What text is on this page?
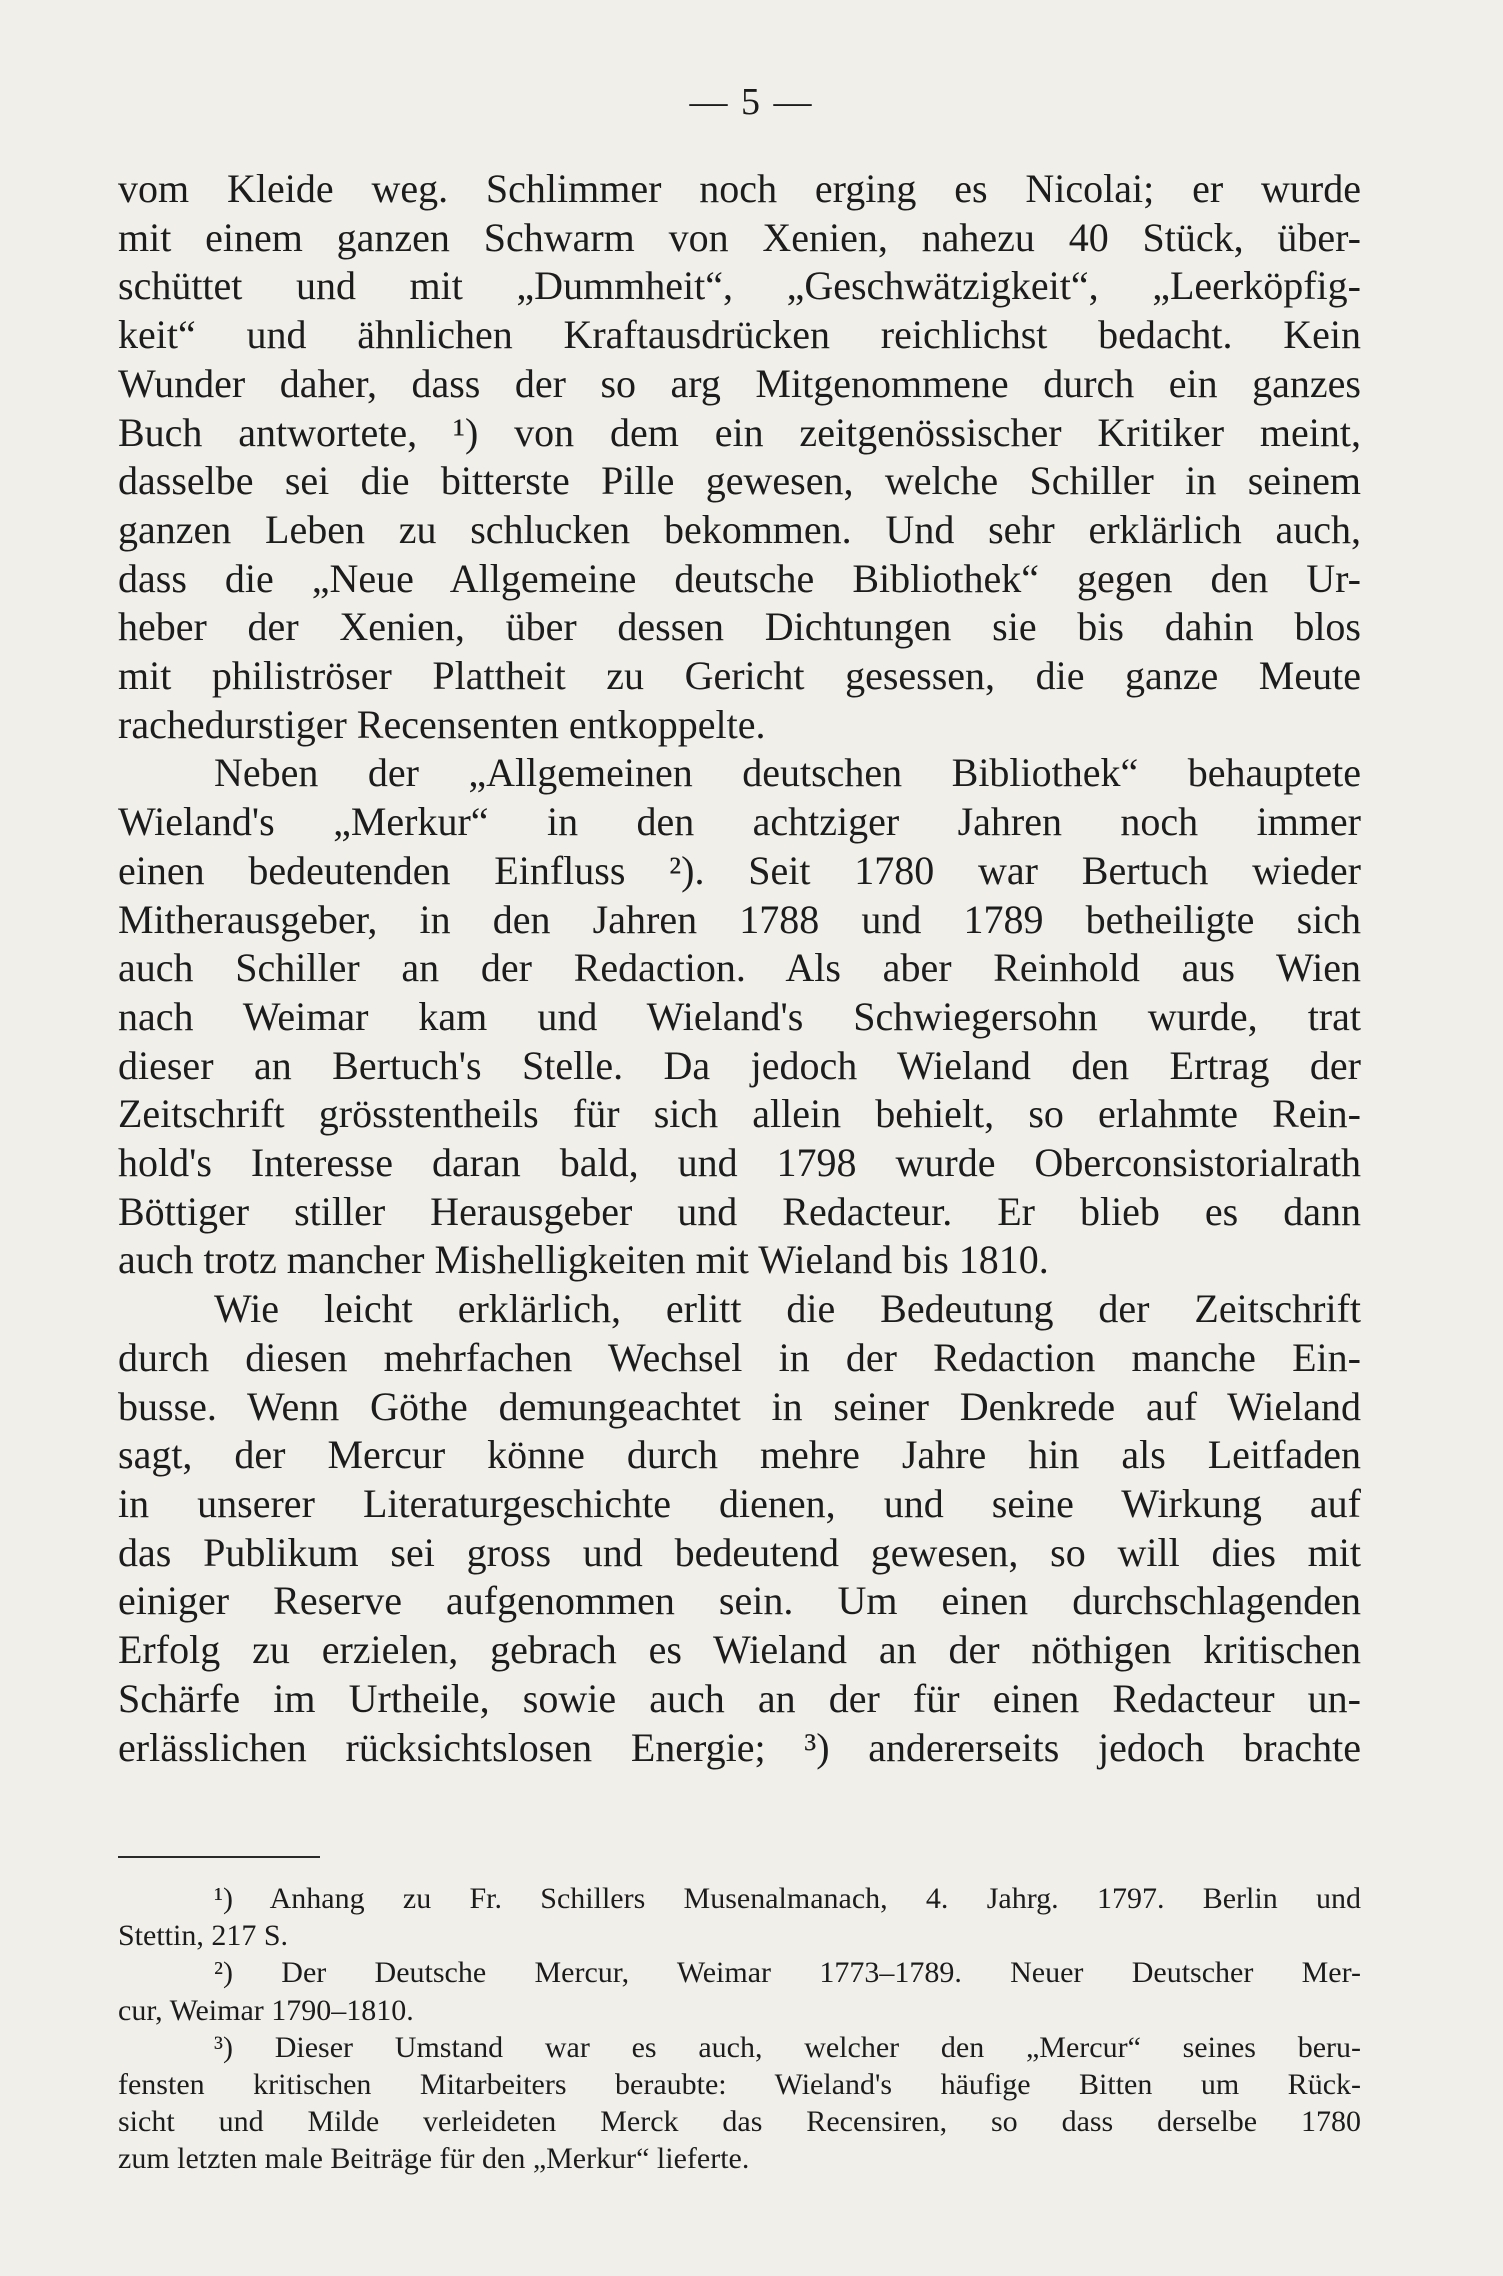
— 5 —

vom Kleide weg. Schlimmer noch erging es Nicolai; er wurde

mit einem ganzen Schwarm von Xenien, nahezu 40 Stück, über-

schüttet und mit „Dummheit“, „Geschwätzigkeit“, „Leerköpfig-

keit“ und ähnlichen Kraftausdrücken reichlichst bedacht. Kein

Wunder daher, dass der so arg Mitgenommene durch ein ganzes

Buch antwortete, ¹) von dem ein zeitgenössischer Kritiker meint,

dasselbe sei die bitterste Pille gewesen, welche Schiller in seinem

ganzen Leben zu schlucken bekommen. Und sehr erklärlich auch,

dass die „Neue Allgemeine deutsche Bibliothek“ gegen den Ur-

heber der Xenien, über dessen Dichtungen sie bis dahin blos

mit philiströser Plattheit zu Gericht gesessen, die ganze Meute

rachedurstiger Recensenten entkoppelte.

Neben der „Allgemeinen deutschen Bibliothek“ behauptete

Wieland's „Merkur“ in den achtziger Jahren noch immer

einen bedeutenden Einfluss ²). Seit 1780 war Bertuch wieder

Mitherausgeber, in den Jahren 1788 und 1789 betheiligte sich

auch Schiller an der Redaction. Als aber Reinhold aus Wien

nach Weimar kam und Wieland's Schwiegersohn wurde, trat

dieser an Bertuch's Stelle. Da jedoch Wieland den Ertrag der

Zeitschrift grösstentheils für sich allein behielt, so erlahmte Rein-

hold's Interesse daran bald, und 1798 wurde Oberconsistorialrath

Böttiger stiller Herausgeber und Redacteur. Er blieb es dann

auch trotz mancher Mishelligkeiten mit Wieland bis 1810.

Wie leicht erklärlich, erlitt die Bedeutung der Zeitschrift

durch diesen mehrfachen Wechsel in der Redaction manche Ein-

busse. Wenn Göthe demungeachtet in seiner Denkrede auf Wieland

sagt, der Mercur könne durch mehre Jahre hin als Leitfaden

in unserer Literaturgeschichte dienen, und seine Wirkung auf

das Publikum sei gross und bedeutend gewesen, so will dies mit

einiger Reserve aufgenommen sein. Um einen durchschlagenden

Erfolg zu erzielen, gebrach es Wieland an der nöthigen kritischen

Schärfe im Urtheile, sowie auch an der für einen Redacteur un-

erlässlichen rücksichtslosen Energie; ³) andererseits jedoch brachte

¹) Anhang zu Fr. Schillers Musenalmanach, 4. Jahrg. 1797. Berlin und

Stettin, 217 S.

²) Der Deutsche Mercur, Weimar 1773–1789. Neuer Deutscher Mer-

cur, Weimar 1790–1810.

³) Dieser Umstand war es auch, welcher den „Mercur“ seines beru-

fensten kritischen Mitarbeiters beraubte: Wieland's häufige Bitten um Rück-

sicht und Milde verleideten Merck das Recensiren, so dass derselbe 1780

zum letzten male Beiträge für den „Merkur“ lieferte.
